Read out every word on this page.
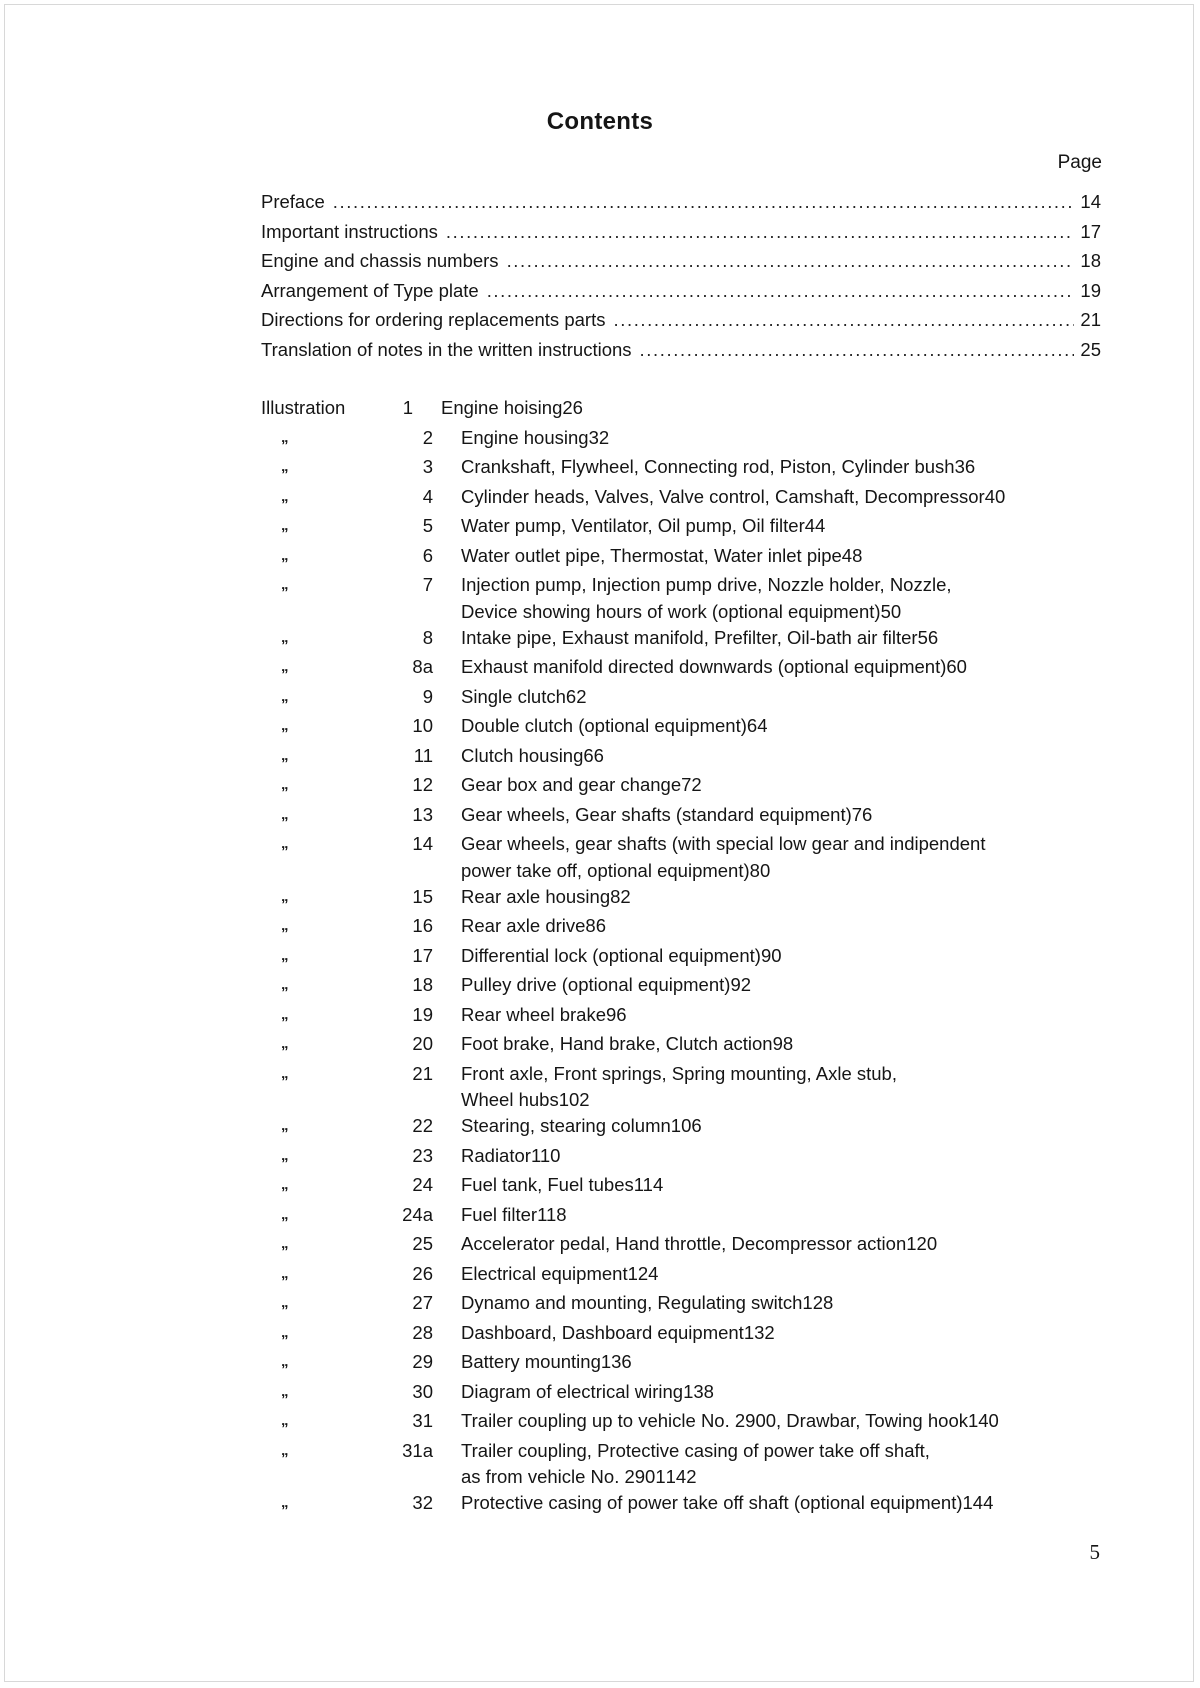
Contents
Page
Preface .....	14
Important instructions .....	17
Engine and chassis numbers .....	18
Arrangement of Type plate .....	19
Directions for ordering replacements parts .....	21
Translation of notes in the written instructions .....	25
Illustration	1 Engine hoising 26
„	2 Engine housing 32
„	3 Crankshaft, Flywheel, Connecting rod, Piston, Cylinder bush 36
„	4 Cylinder heads, Valves, Valve control, Camshaft, Decompressor 40
„	5 Water pump, Ventilator, Oil pump, Oil filter 44
„	6 Water outlet pipe, Thermostat, Water inlet pipe 48
„	7 Injection pump, Injection pump drive, Nozzle holder, Nozzle,
Device showing hours of work (optional equipment) 50
„	8 Intake pipe, Exhaust manifold, Prefilter, Oil-bath air filter 56
„	8a Exhaust manifold directed downwards (optional equipment) 60
„	9 Single clutch 62
„	10 Double clutch (optional equipment) 64
„	11 Clutch housing 66
„	12 Gear box and gear change 72
„	13 Gear wheels, Gear shafts (standard equipment) 76
„	14 Gear wheels, gear shafts (with special low gear and indipendent
power take off, optional equipment) 80
„	15 Rear axle housing 82
„	16 Rear axle drive 86
„	17 Differential lock (optional equipment) 90
„	18 Pulley drive (optional equipment) 92
„	19 Rear wheel brake 96
„	20 Foot brake, Hand brake, Clutch action 98
„	21 Front axle, Front springs, Spring mounting, Axle stub,
Wheel hubs 102
„	22 Stearing, stearing column 106
„	23 Radiator 110
„	24 Fuel tank, Fuel tubes 114
„	24a Fuel filter 118
„	25 Accelerator pedal, Hand throttle, Decompressor action 120
„	26 Electrical equipment 124
„	27 Dynamo and mounting, Regulating switch 128
„	28 Dashboard, Dashboard equipment 132
„	29 Battery mounting 136
„	30 Diagram of electrical wiring 138
„	31 Trailer coupling up to vehicle No. 2900, Drawbar, Towing hook 140
„	31a Trailer coupling, Protective casing of power take off shaft,
as from vehicle No. 2901 142
„	32 Protective casing of power take off shaft (optional equipment) 144
5
